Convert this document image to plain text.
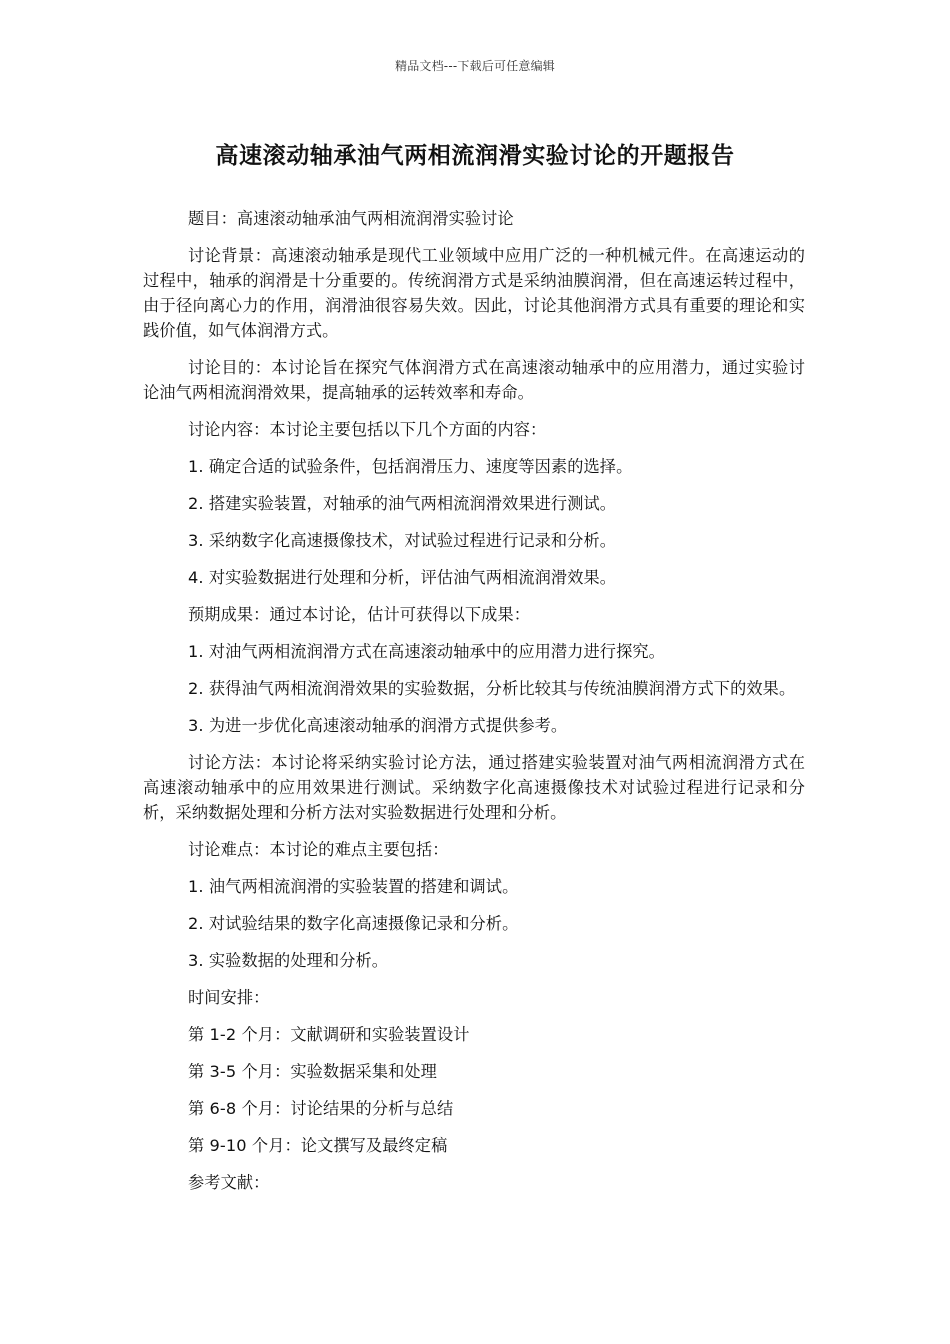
精品文档---下载后可任意编辑
高速滚动轴承油气两相流润滑实验讨论的开题报告

题目：高速滚动轴承油气两相流润滑实验讨论

讨论背景：高速滚动轴承是现代工业领域中应用广泛的一种机械元件。在高速运动的过程中，轴承的润滑是十分重要的。传统润滑方式是采纳油膜润滑，但在高速运转过程中，由于径向离心力的作用，润滑油很容易失效。因此，讨论其他润滑方式具有重要的理论和实践价值，如气体润滑方式。

讨论目的：本讨论旨在探究气体润滑方式在高速滚动轴承中的应用潜力，通过实验讨论油气两相流润滑效果，提高轴承的运转效率和寿命。

讨论内容：本讨论主要包括以下几个方面的内容：

1. 确定合适的试验条件，包括润滑压力、速度等因素的选择。

2. 搭建实验装置，对轴承的油气两相流润滑效果进行测试。

3. 采纳数字化高速摄像技术，对试验过程进行记录和分析。

4. 对实验数据进行处理和分析，评估油气两相流润滑效果。

预期成果：通过本讨论，估计可获得以下成果：

1. 对油气两相流润滑方式在高速滚动轴承中的应用潜力进行探究。

2. 获得油气两相流润滑效果的实验数据，分析比较其与传统油膜润滑方式下的效果。

3. 为进一步优化高速滚动轴承的润滑方式提供参考。

讨论方法：本讨论将采纳实验讨论方法，通过搭建实验装置对油气两相流润滑方式在高速滚动轴承中的应用效果进行测试。采纳数字化高速摄像技术对试验过程进行记录和分析，采纳数据处理和分析方法对实验数据进行处理和分析。

讨论难点：本讨论的难点主要包括：

1. 油气两相流润滑的实验装置的搭建和调试。

2. 对试验结果的数字化高速摄像记录和分析。

3. 实验数据的处理和分析。

时间安排：

第 1-2 个月：文献调研和实验装置设计

第 3-5 个月：实验数据采集和处理

第 6-8 个月：讨论结果的分析与总结

第 9-10 个月：论文撰写及最终定稿

参考文献：
